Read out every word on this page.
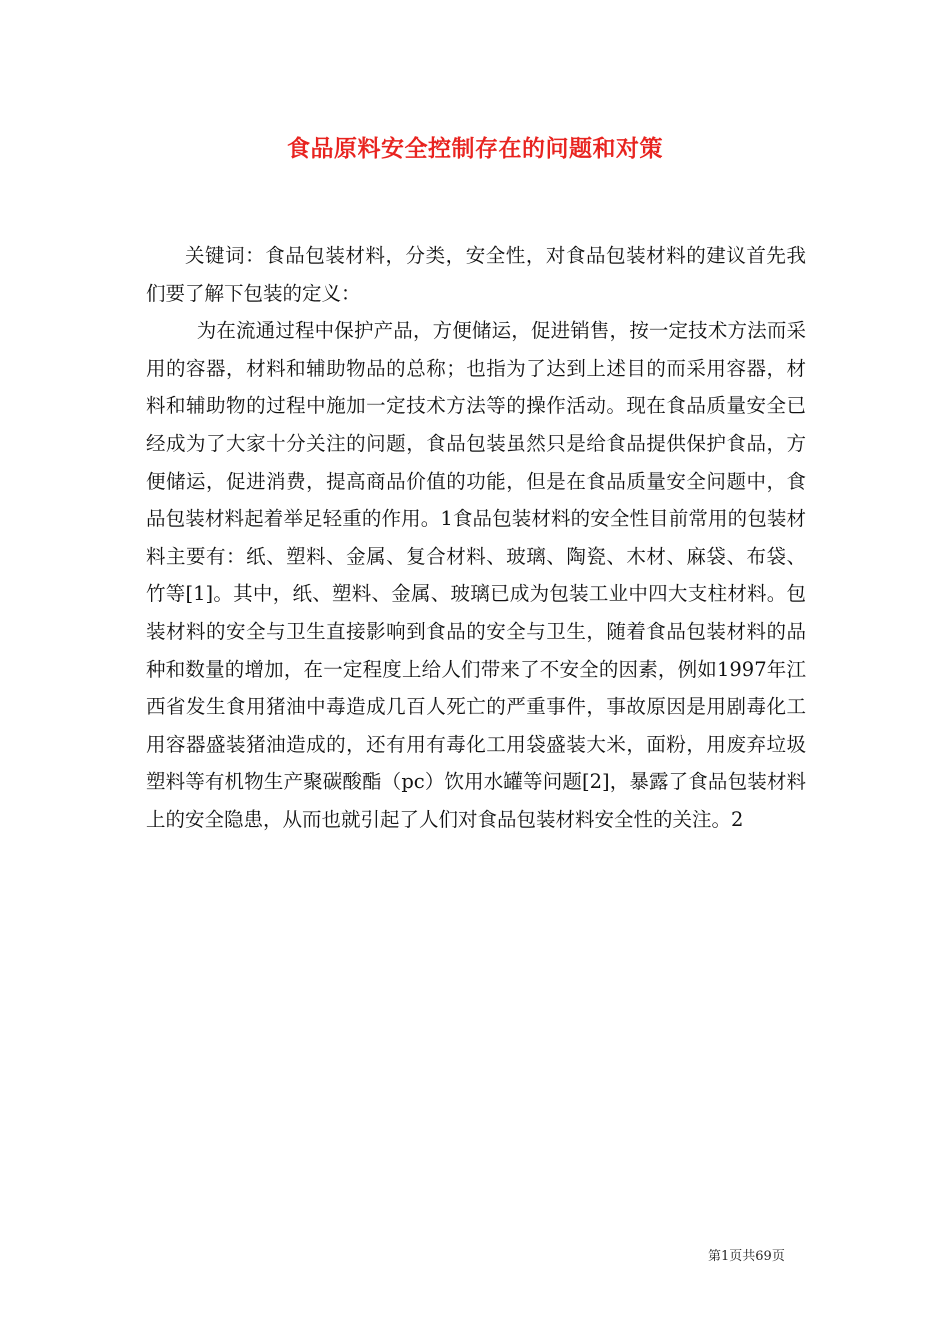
食品原料安全控制存在的问题和对策

关键词：食品包装材料，分类，安全性，对食品包装材料的建议首先我们要了解下包装的定义：

为在流通过程中保护产品，方便储运，促进销售，按一定技术方法而采用的容器，材料和辅助物品的总称；也指为了达到上述目的而采用容器，材料和辅助物的过程中施加一定技术方法等的操作活动。现在食品质量安全已经成为了大家十分关注的问题，食品包装虽然只是给食品提供保护食品，方便储运，促进消费，提高商品价值的功能，但是在食品质量安全问题中，食品包装材料起着举足轻重的作用。1食品包装材料的安全性目前常用的包装材料主要有：纸、塑料、金属、复合材料、玻璃、陶瓷、木材、麻袋、布袋、竹等[1]。其中，纸、塑料、金属、玻璃已成为包装工业中四大支柱材料。包装材料的安全与卫生直接影响到食品的安全与卫生，随着食品包装材料的品种和数量的增加，在一定程度上给人们带来了不安全的因素，例如1997年江西省发生食用猪油中毒造成几百人死亡的严重事件，事故原因是用剧毒化工用容器盛装猪油造成的，还有用有毒化工用袋盛装大米，面粉，用废弃垃圾塑料等有机物生产聚碳酸酯（pc）饮用水罐等问题[2]，暴露了食品包装材料上的安全隐患，从而也就引起了人们对食品包装材料安全性的关注。2

第1页共69页
